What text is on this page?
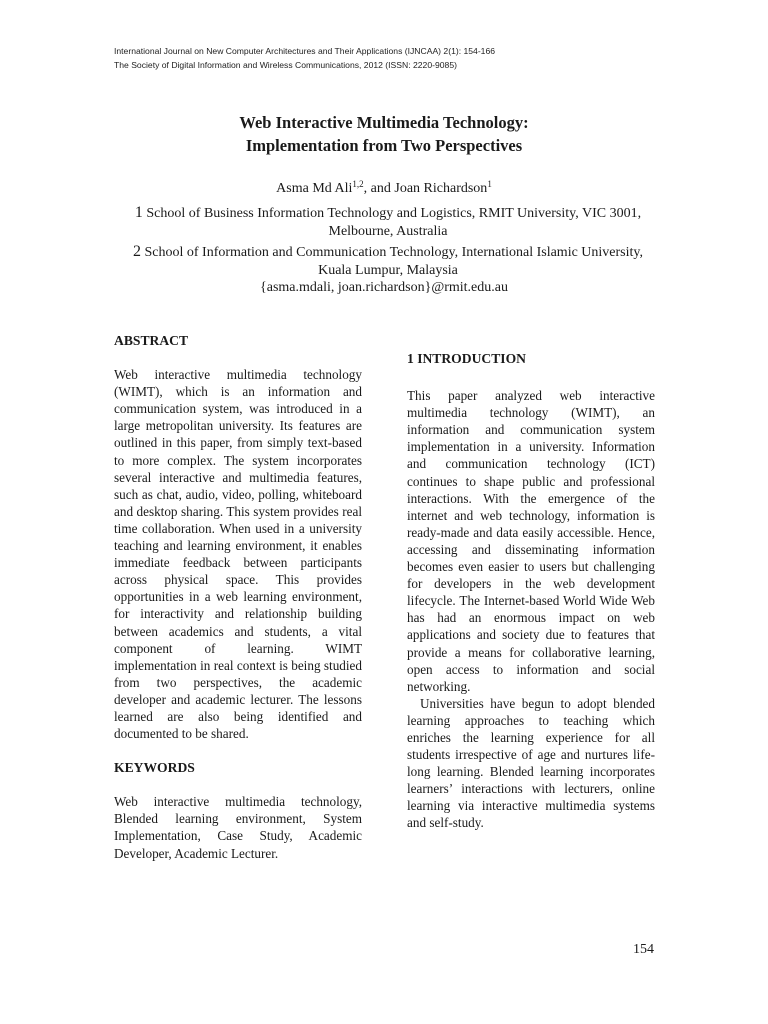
International Journal on New Computer Architectures and Their Applications (IJNCAA) 2(1): 154-166
The Society of Digital Information and Wireless Communications, 2012 (ISSN: 2220-9085)
Web Interactive Multimedia Technology:
Implementation from Two Perspectives
Asma Md Ali$^{1,2}$, and Joan Richardson$^1$
1 School of Business Information Technology and Logistics, RMIT University, VIC 3001, Melbourne, Australia
2 School of Information and Communication Technology, International Islamic University, Kuala Lumpur, Malaysia
{asma.mdali, joan.richardson}@rmit.edu.au
ABSTRACT
Web interactive multimedia technology (WIMT), which is an information and communication system, was introduced in a large metropolitan university. Its features are outlined in this paper, from simply text-based to more complex. The system incorporates several interactive and multimedia features, such as chat, audio, video, polling, whiteboard and desktop sharing. This system provides real time collaboration. When used in a university teaching and learning environment, it enables immediate feedback between participants across physical space. This provides opportunities in a web learning environment, for interactivity and relationship building between academics and students, a vital component of learning. WIMT implementation in real context is being studied from two perspectives, the academic developer and academic lecturer. The lessons learned are also being identified and documented to be shared.
KEYWORDS
Web interactive multimedia technology, Blended learning environment, System Implementation, Case Study, Academic Developer, Academic Lecturer.
1 INTRODUCTION
This paper analyzed web interactive multimedia technology (WIMT), an information and communication system implementation in a university. Information and communication technology (ICT) continues to shape public and professional interactions. With the emergence of the internet and web technology, information is ready-made and data easily accessible. Hence, accessing and disseminating information becomes even easier to users but challenging for developers in the web development lifecycle. The Internet-based World Wide Web has had an enormous impact on web applications and society due to features that provide a means for collaborative learning, open access to information and social networking.
Universities have begun to adopt blended learning approaches to teaching which enriches the learning experience for all students irrespective of age and nurtures life-long learning. Blended learning incorporates learners’ interactions with lecturers, online learning via interactive multimedia systems and self-study.
154
